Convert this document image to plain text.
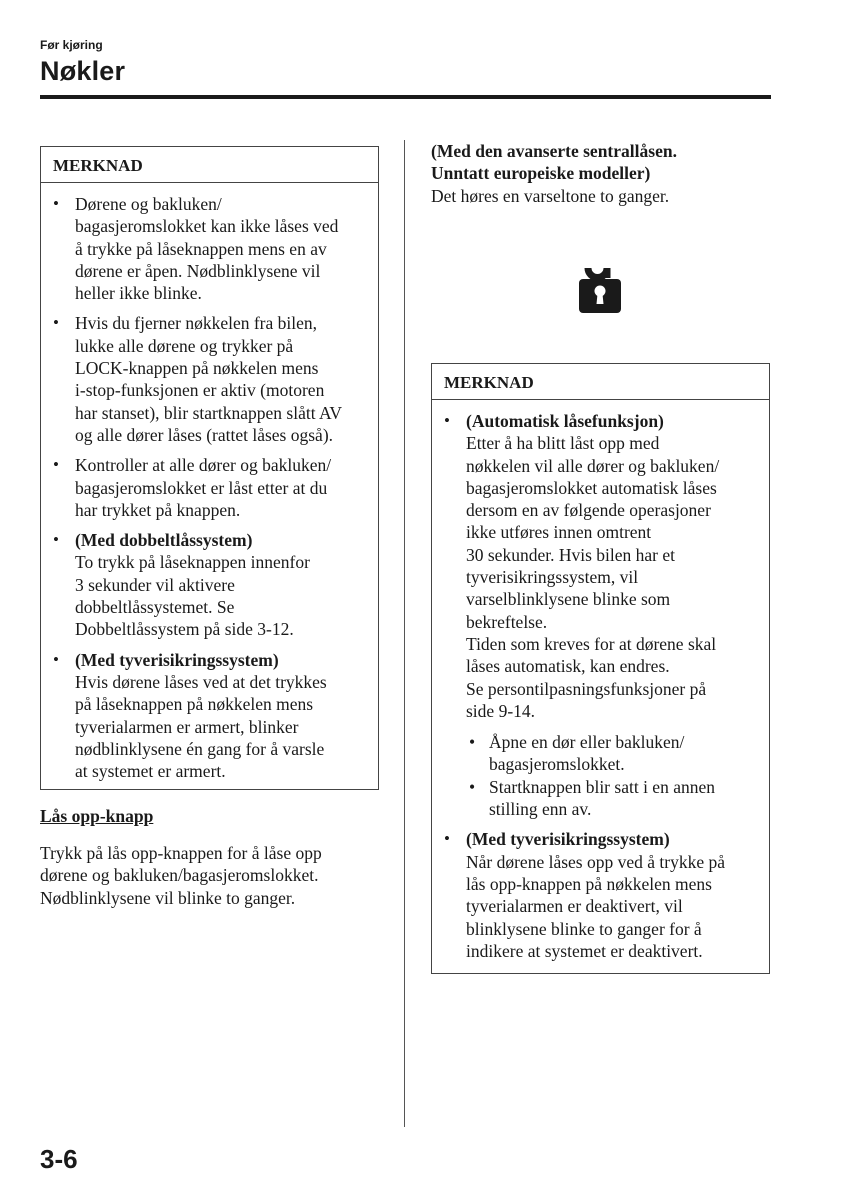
Før kjøring
Nøkler
MERKNAD
• Dørene og bakluken/
bagasjeromslokket kan ikke låses ved
å trykke på låseknappen mens en av
dørene er åpen. Nødblinklysene vil
heller ikke blinke.
• Hvis du fjerner nøkkelen fra bilen,
lukke alle dørene og trykker på
LOCK-knappen på nøkkelen mens
i-stop-funksjonen er aktiv (motoren
har stanset), blir startknappen slått AV
og alle dører låses (rattet låses også).
• Kontroller at alle dører og bakluken/
bagasjeromslokket er låst etter at du
har trykket på knappen.
• (Med dobbeltlåssystem)
To trykk på låseknappen innenfor
3 sekunder vil aktivere
dobbeltlåssystemet. Se
Dobbeltlåssystem på side 3-12.
• (Med tyverisikringssystem)
Hvis dørene låses ved at det trykkes
på låseknappen på nøkkelen mens
tyverialarmen er armert, blinker
nødblinklysene én gang for å varsle
at systemet er armert.
Lås opp-knapp
Trykk på lås opp-knappen for å låse opp
dørene og bakluken/bagasjeromslokket.
Nødblinklysene vil blinke to ganger.
(Med den avanserte sentrallåsen.
Unntatt europeiske modeller)
Det høres en varseltone to ganger.
MERKNAD
• (Automatisk låsefunksjon)
Etter å ha blitt låst opp med
nøkkelen vil alle dører og bakluken/
bagasjeromslokket automatisk låses
dersom en av følgende operasjoner
ikke utføres innen omtrent
30 sekunder. Hvis bilen har et
tyverisikringssystem, vil
varselblinklysene blinke som
bekreftelse.
Tiden som kreves for at dørene skal
låses automatisk, kan endres.
Se persontilpasningsfunksjoner på
side 9-14.
• Åpne en dør eller bakluken/
bagasjeromslokket.
• Startknappen blir satt i en annen
stilling enn av.
• (Med tyverisikringssystem)
Når dørene låses opp ved å trykke på
lås opp-knappen på nøkkelen mens
tyverialarmen er deaktivert, vil
blinklysene blinke to ganger for å
indikere at systemet er deaktivert.
3-6
